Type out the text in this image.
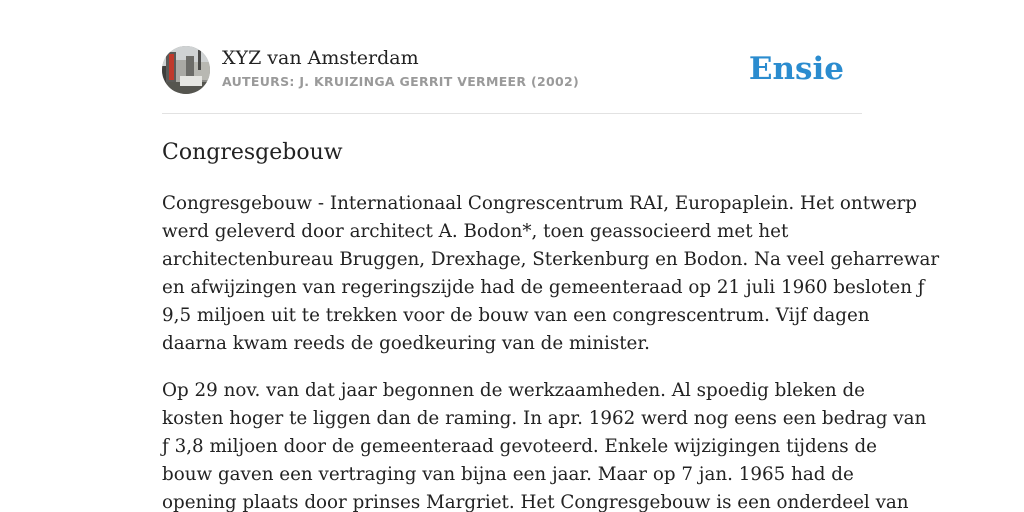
XYZ van Amsterdam
AUTEURS: J. KRUIZINGA GERRIT VERMEER (2002)	Ensie
Congresgebouw

Congresgebouw - Internationaal Congrescentrum RAI, Europaplein. Het ontwerp
werd geleverd door architect A. Bodon*, toen geassocieerd met het
architectenbureau Bruggen, Drexhage, Sterkenburg en Bodon. Na veel geharrewar
en afwijzingen van regeringszijde had de gemeenteraad op 21 juli 1960 besloten ƒ
9,5 miljoen uit te trekken voor de bouw van een congrescentrum. Vijf dagen
daarna kwam reeds de goedkeuring van de minister.

Op 29 nov. van dat jaar begonnen de werkzaamheden. Al spoedig bleken de
kosten hoger te liggen dan de raming. In apr. 1962 werd nog eens een bedrag van
ƒ 3,8 miljoen door de gemeenteraad gevoteerd. Enkele wijzigingen tijdens de
bouw gaven een vertraging van bijna een jaar. Maar op 7 jan. 1965 had de
opening plaats door prinses Margriet. Het Congresgebouw is een onderdeel van
